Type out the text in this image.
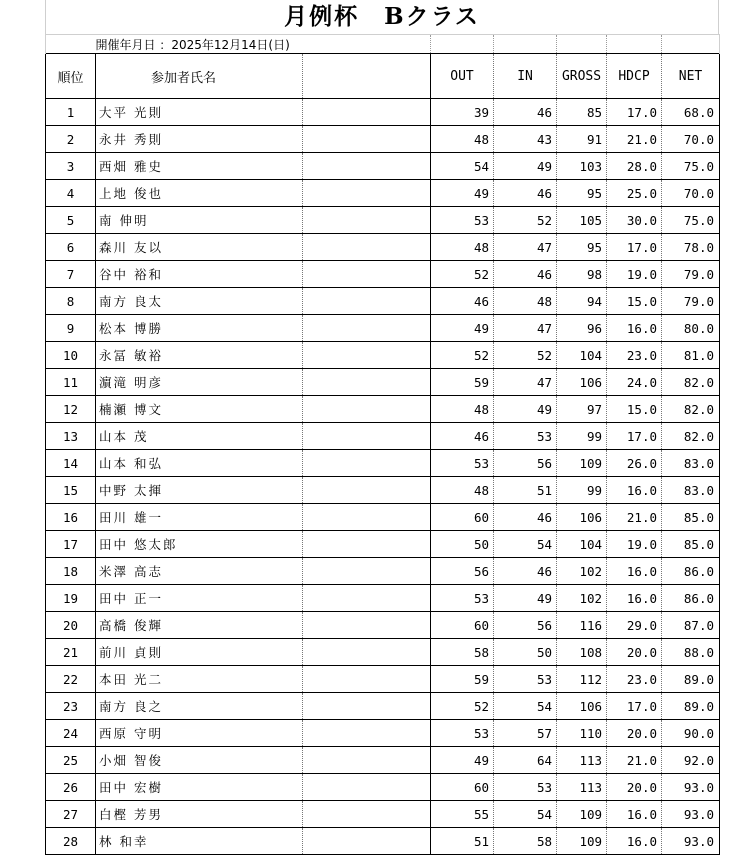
月例杯　Bクラス
	開催年月日 ：2025年12月14日(日)						
順位	参加者氏名		OUT	IN	GROSS	HDCP	NET
1	大平 光則		39	46	85	17.0	68.0
2	永井 秀則		48	43	91	21.0	70.0
3	西畑 雅史		54	49	103	28.0	75.0
4	上地 俊也		49	46	95	25.0	70.0
5	南 伸明		53	52	105	30.0	75.0
6	森川 友以		48	47	95	17.0	78.0
7	谷中 裕和		52	46	98	19.0	79.0
8	南方 良太		46	48	94	15.0	79.0
9	松本 博勝		49	47	96	16.0	80.0
10	永冨 敏裕		52	52	104	23.0	81.0
11	濵滝 明彦		59	47	106	24.0	82.0
12	楠瀬 博文		48	49	97	15.0	82.0
13	山本 茂		46	53	99	17.0	82.0
14	山本 和弘		53	56	109	26.0	83.0
15	中野 太揮		48	51	99	16.0	83.0
16	田川 雄一		60	46	106	21.0	85.0
17	田中 悠太郎		50	54	104	19.0	85.0
18	米澤 高志		56	46	102	16.0	86.0
19	田中 正一		53	49	102	16.0	86.0
20	高橋 俊輝		60	56	116	29.0	87.0
21	前川 貞則		58	50	108	20.0	88.0
22	本田 光二		59	53	112	23.0	89.0
23	南方 良之		52	54	106	17.0	89.0
24	西原 守明		53	57	110	20.0	90.0
25	小畑 智俊		49	64	113	21.0	92.0
26	田中 宏樹		60	53	113	20.0	93.0
27	白樫 芳男		55	54	109	16.0	93.0
28	林 和幸		51	58	109	16.0	93.0
